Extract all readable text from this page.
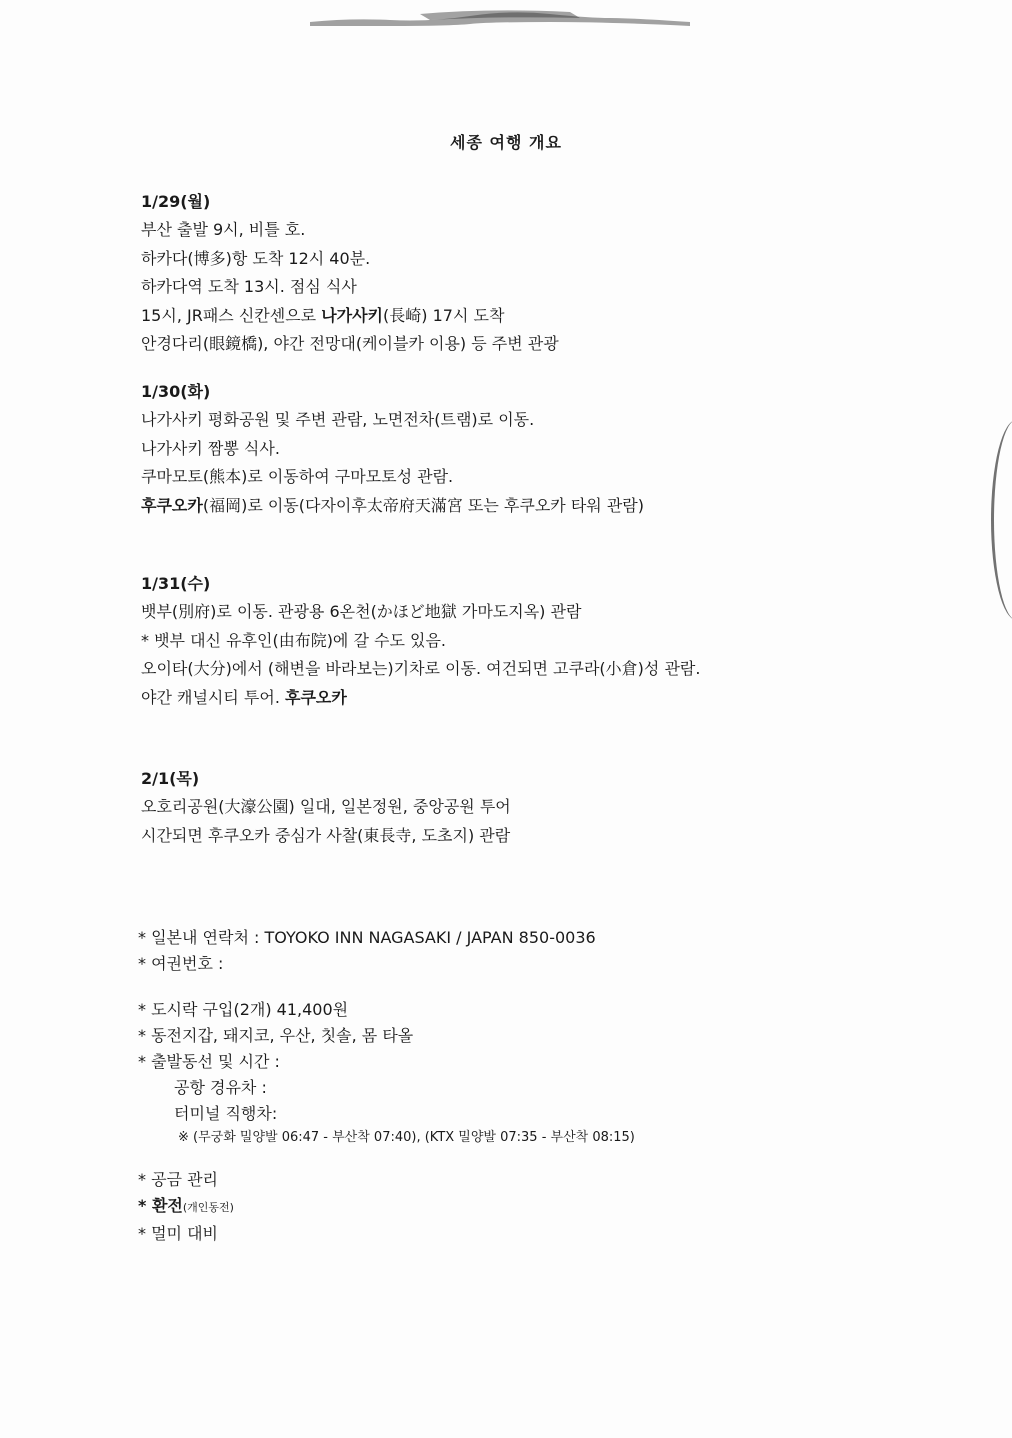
세종 여행 개요
1/29(월)
부산 출발 9시, 비틀 호.
하카다(博多)항 도착 12시 40분.
하카다역 도착 13시. 점심 식사
15시, JR패스 신칸센으로 나가사키(長崎) 17시 도착
안경다리(眼鏡橋), 야간 전망대(케이블카 이용) 등 주변 관광
1/30(화)
나가사키 평화공원 및 주변 관람, 노면전차(트램)로 이동.
나가사키 짬뽕 식사.
쿠마모토(熊本)로 이동하여 구마모토성 관람.
후쿠오카(福岡)로 이동(다자이후太帝府天滿宮 또는 후쿠오카 타워 관람)
1/31(수)
뱃부(別府)로 이동. 관광용 6온천(かほど地獄 가마도지옥) 관람
* 뱃부 대신 유후인(由布院)에 갈 수도 있음.
오이타(大分)에서 (해변을 바라보는)기차로 이동. 여건되면 고쿠라(小倉)성 관람.
야간 캐널시티 투어. 후쿠오카
2/1(목)
오호리공원(大濠公園) 일대, 일본정원, 중앙공원 투어
시간되면 후쿠오카 중심가 사찰(東長寺, 도초지) 관람
* 일본내 연락처 : TOYOKO INN NAGASAKI / JAPAN 850-0036
* 여권번호 :
* 도시락 구입(2개) 41,400원
* 동전지갑, 돼지코, 우산, 칫솔, 몸 타올
* 출발동선 및 시간 :
공항 경유차 :
터미널 직행차:
※ (무궁화 밀양발 06:47 - 부산착 07:40), (KTX 밀양발 07:35 - 부산착 08:15)
* 공금 관리
* 환전(개인동전)
* 멀미 대비
